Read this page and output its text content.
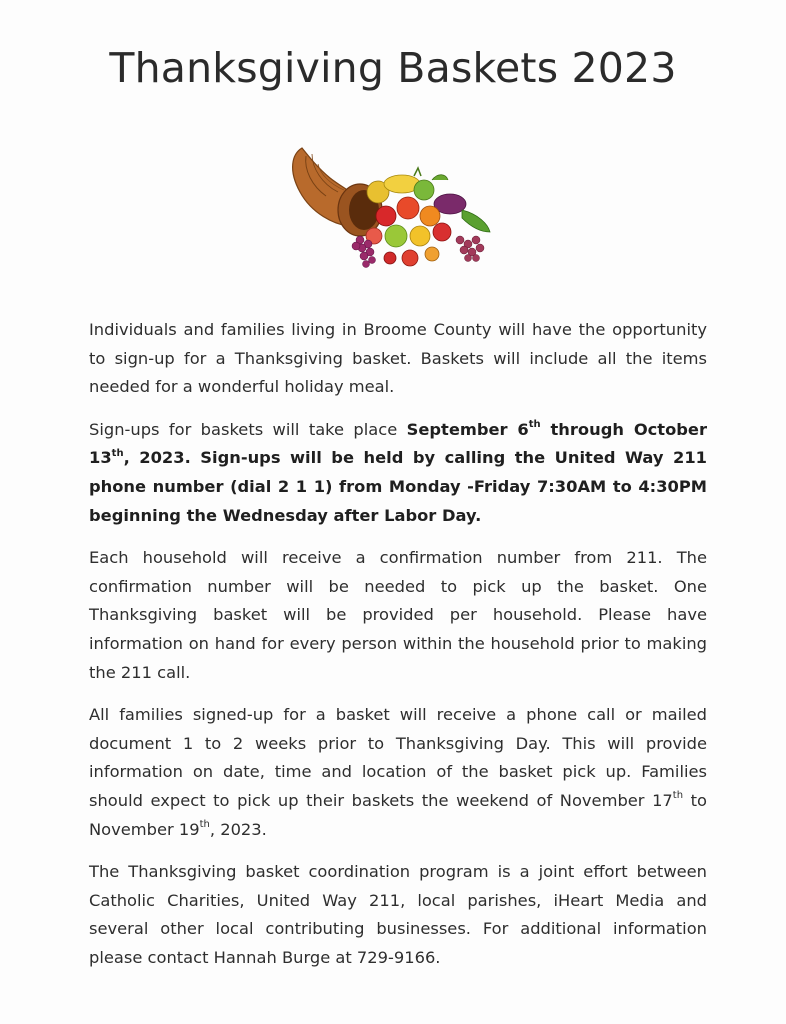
Thanksgiving Baskets 2023

Individuals and families living in Broome County will have the opportunity to sign-up for a Thanksgiving basket. Baskets will include all the items needed for a wonderful holiday meal.

Sign-ups for baskets will take place September 6th through October 13th, 2023. Sign-ups will be held by calling the United Way 211 phone number (dial 2 1 1) from Monday -Friday 7:30AM to 4:30PM beginning the Wednesday after Labor Day.

Each household will receive a confirmation number from 211. The confirmation number will be needed to pick up the basket. One Thanksgiving basket will be provided per household. Please have information on hand for every person within the household prior to making the 211 call.

All families signed-up for a basket will receive a phone call or mailed document 1 to 2 weeks prior to Thanksgiving Day. This will provide information on date, time and location of the basket pick up. Families should expect to pick up their baskets the weekend of November 17th to November 19th, 2023.

The Thanksgiving basket coordination program is a joint effort between Catholic Charities, United Way 211, local parishes, iHeart Media and several other local contributing businesses. For additional information please contact Hannah Burge at 729-9166.
